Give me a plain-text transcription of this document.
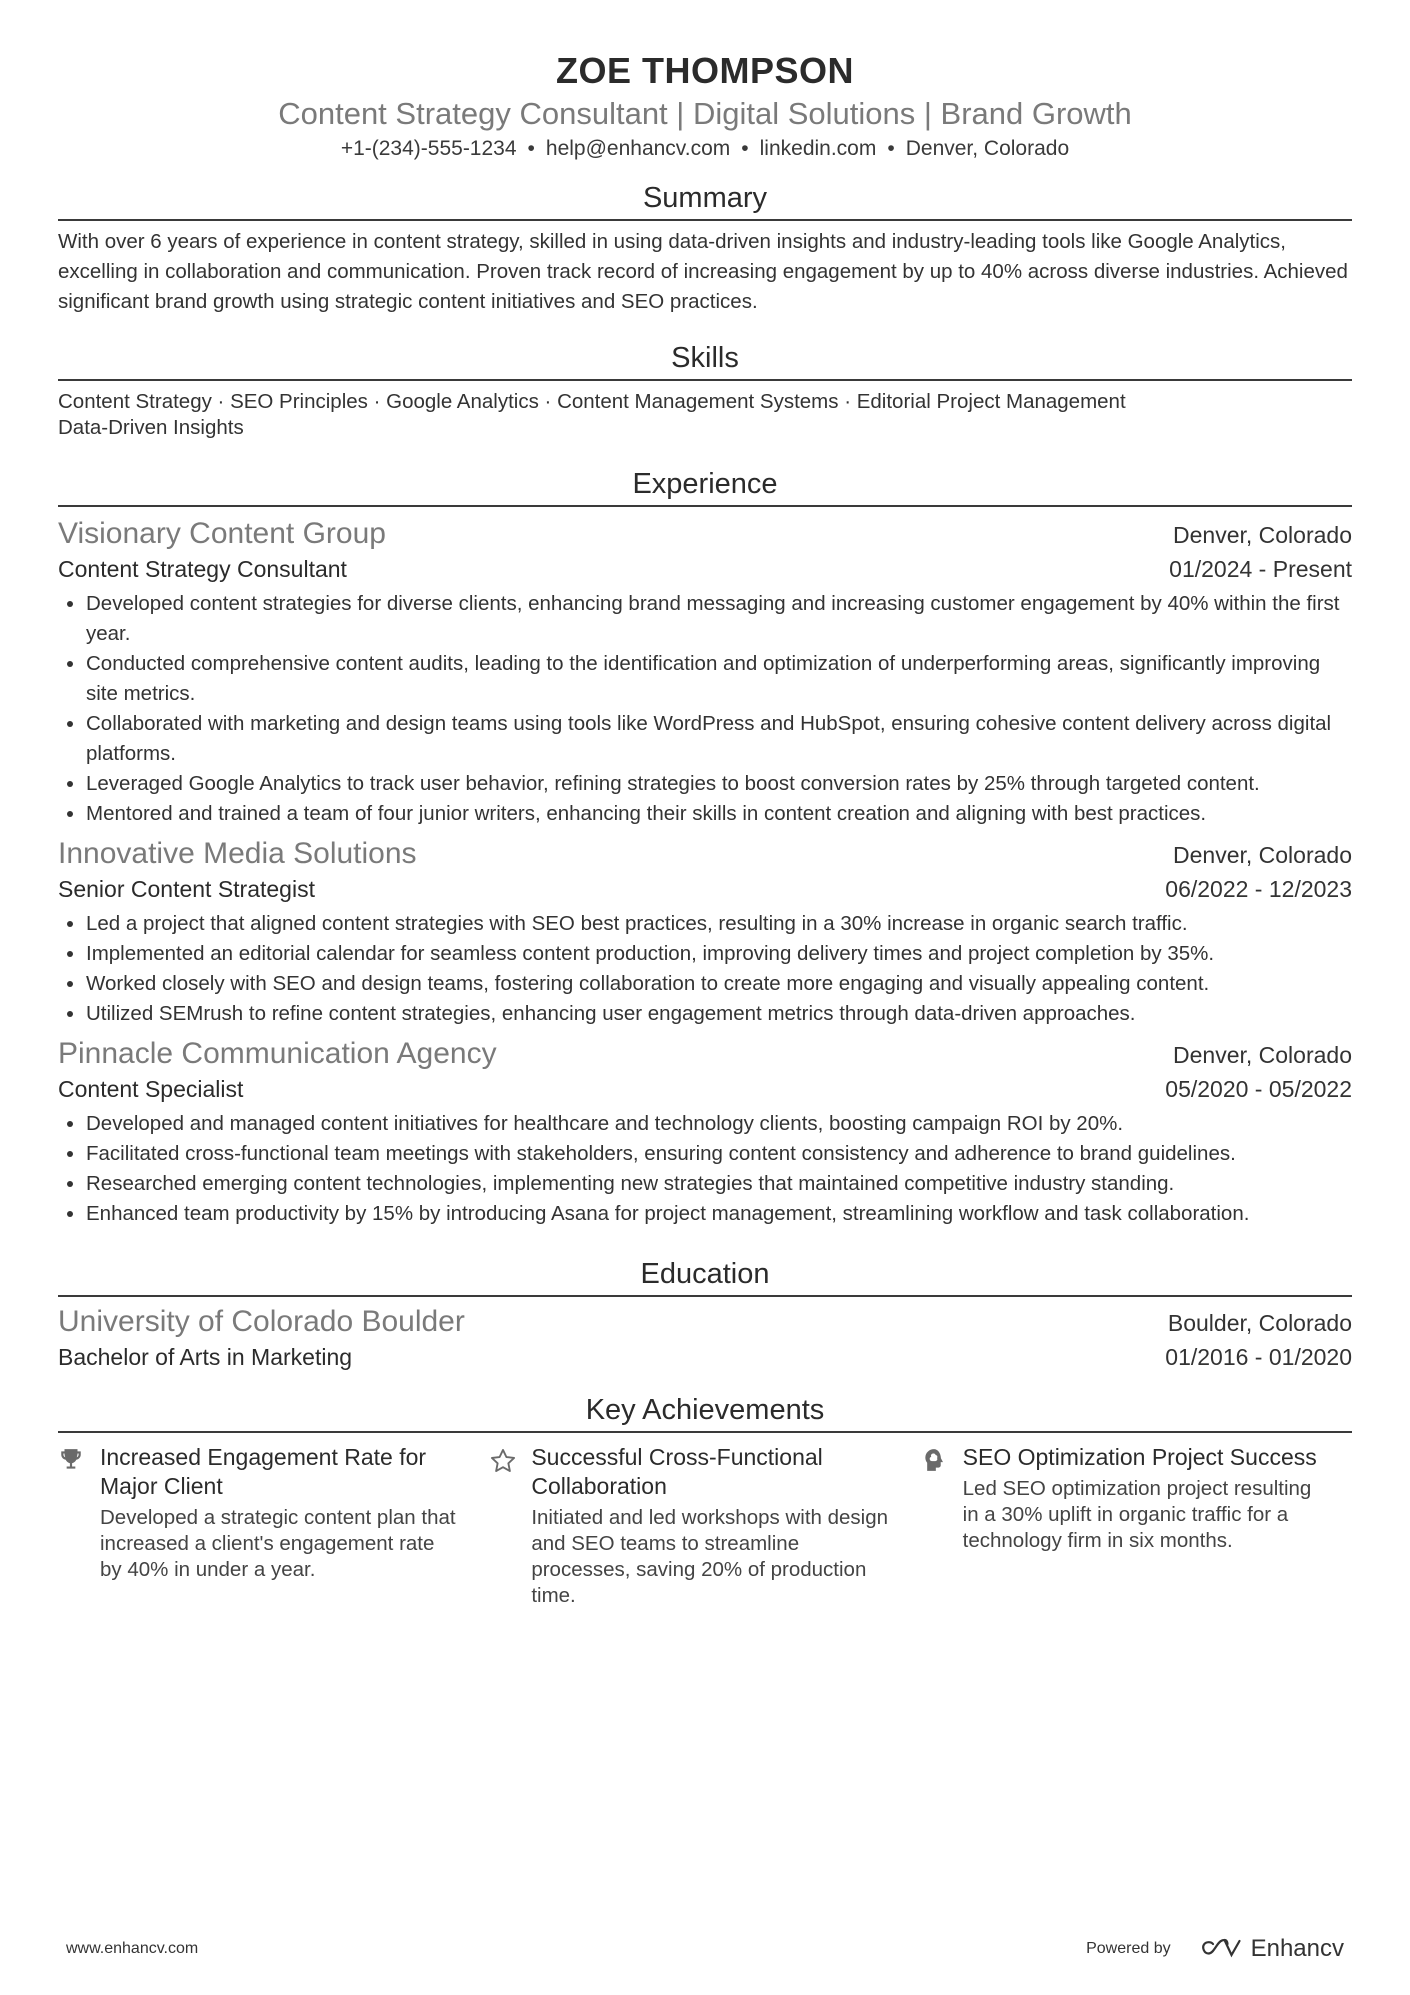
ZOE THOMPSON
Content Strategy Consultant | Digital Solutions | Brand Growth
+1-(234)-555-1234 • help@enhancv.com • linkedin.com • Denver, Colorado
Summary
With over 6 years of experience in content strategy, skilled in using data-driven insights and industry-leading tools like Google Analytics, excelling in collaboration and communication. Proven track record of increasing engagement by up to 40% across diverse industries. Achieved significant brand growth using strategic content initiatives and SEO practices.
Skills
Content Strategy · SEO Principles · Google Analytics · Content Management Systems · Editorial Project Management
Data-Driven Insights
Experience
Visionary Content Group	Denver, Colorado
Content Strategy Consultant	01/2024 - Present
• Developed content strategies for diverse clients, enhancing brand messaging and increasing customer engagement by 40% within the first year.
• Conducted comprehensive content audits, leading to the identification and optimization of underperforming areas, significantly improving site metrics.
• Collaborated with marketing and design teams using tools like WordPress and HubSpot, ensuring cohesive content delivery across digital platforms.
• Leveraged Google Analytics to track user behavior, refining strategies to boost conversion rates by 25% through targeted content.
• Mentored and trained a team of four junior writers, enhancing their skills in content creation and aligning with best practices.
Innovative Media Solutions	Denver, Colorado
Senior Content Strategist	06/2022 - 12/2023
• Led a project that aligned content strategies with SEO best practices, resulting in a 30% increase in organic search traffic.
• Implemented an editorial calendar for seamless content production, improving delivery times and project completion by 35%.
• Worked closely with SEO and design teams, fostering collaboration to create more engaging and visually appealing content.
• Utilized SEMrush to refine content strategies, enhancing user engagement metrics through data-driven approaches.
Pinnacle Communication Agency	Denver, Colorado
Content Specialist	05/2020 - 05/2022
• Developed and managed content initiatives for healthcare and technology clients, boosting campaign ROI by 20%.
• Facilitated cross-functional team meetings with stakeholders, ensuring content consistency and adherence to brand guidelines.
• Researched emerging content technologies, implementing new strategies that maintained competitive industry standing.
• Enhanced team productivity by 15% by introducing Asana for project management, streamlining workflow and task collaboration.
Education
University of Colorado Boulder	Boulder, Colorado
Bachelor of Arts in Marketing	01/2016 - 01/2020
Key Achievements
Increased Engagement Rate for Major Client
Developed a strategic content plan that increased a client's engagement rate by 40% in under a year.
Successful Cross-Functional Collaboration
Initiated and led workshops with design and SEO teams to streamline processes, saving 20% of production time.
SEO Optimization Project Success
Led SEO optimization project resulting in a 30% uplift in organic traffic for a technology firm in six months.
www.enhancv.com	Powered by	Enhancv
